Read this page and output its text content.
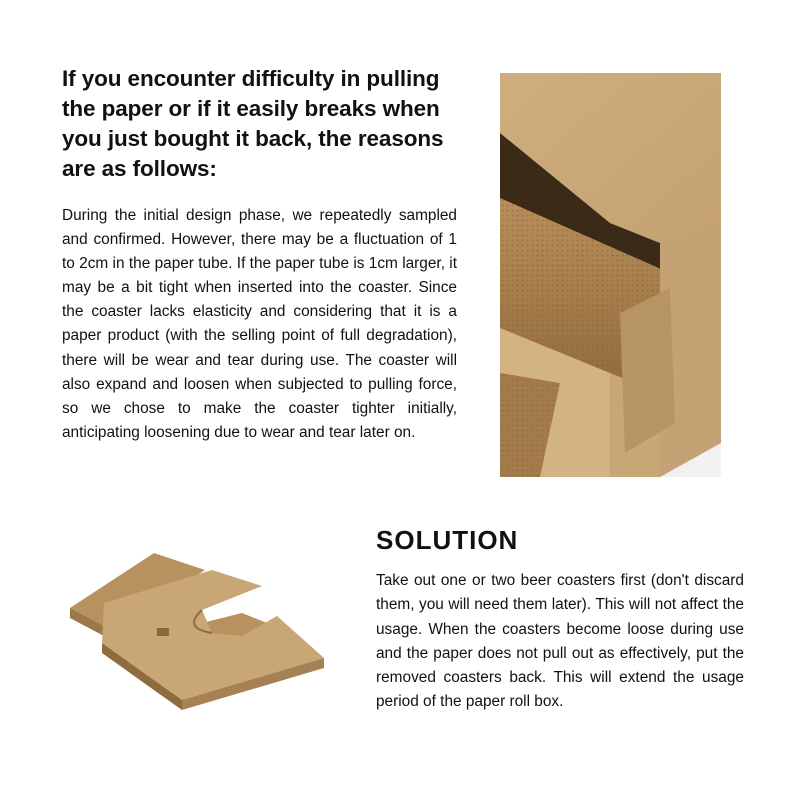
If you encounter difficulty in pulling the paper or if it easily breaks when you just bought it back, the reasons are as follows:

During the initial design phase, we repeatedly sampled and confirmed. However, there may be a fluctuation of 1 to 2cm in the paper tube. If the paper tube is 1cm larger, it may be a bit tight when inserted into the coaster. Since the coaster lacks elasticity and considering that it is a paper product (with the selling point of full degradation), there will be wear and tear during use. The coaster will also expand and loosen when subjected to pulling force, so we chose to make the coaster tighter initially, anticipating loosening due to wear and tear later on.

SOLUTION

Take out one or two beer coasters first (don't discard them, you will need them later). This will not affect the usage. When the coasters become loose during use and the paper does not pull out as effectively, put the removed coasters back. This will extend the usage period of the paper roll box.
